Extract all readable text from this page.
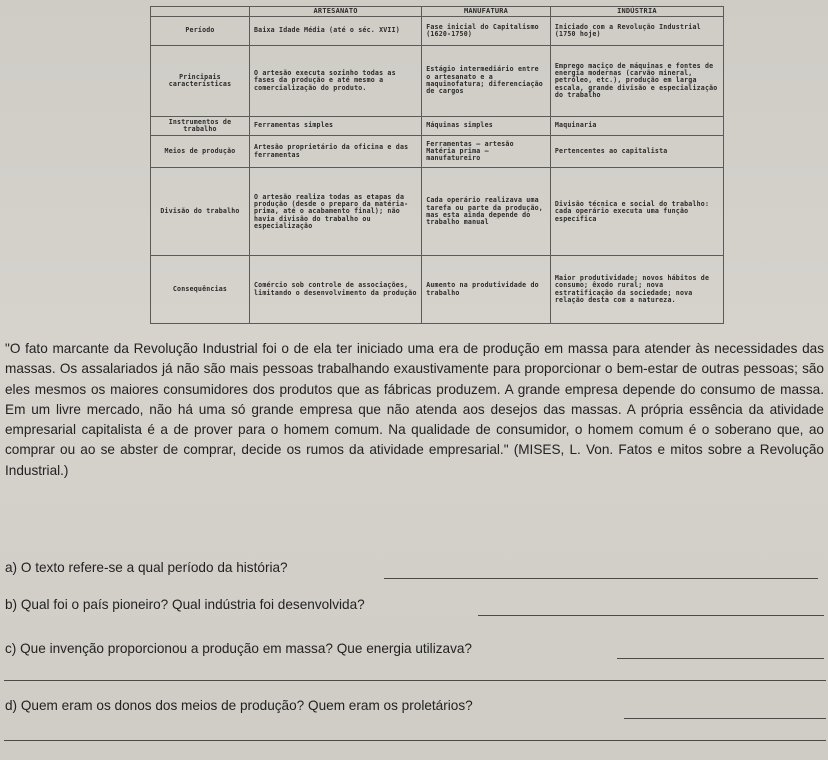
	ARTESANATO	MANUFATURA	INDÚSTRIA
Período	Baixa Idade Média (até o séc. XVII)	Fase inicial do Capitalismo (1620-1750)	Iniciado com a Revolução Industrial (1750 hoje)
Principais características	O artesão executa sozinho todas as fases da produção e até mesmo a comercialização do produto.	Estágio intermediário entre o artesanato e a maquinofatura; diferenciação de cargos	Emprego maciço de máquinas e fontes de energia modernas (carvão mineral, petróleo, etc.), produção em larga escala, grande divisão e especialização do trabalho
Instrumentos de trabalho	Ferramentas simples	Máquinas simples	Maquinaria
Meios de produção	Artesão proprietário da oficina e das ferramentas	Ferramentas – artesão Matéria prima – manufatureiro	Pertencentes ao capitalista
Divisão do trabalho	O artesão realiza todas as etapas da produção (desde o preparo da matéria-prima, até o acabamento final); não havia divisão do trabalho ou especialização	Cada operário realizava uma tarefa ou parte da produção, mas esta ainda depende do trabalho manual	Divisão técnica e social do trabalho: cada operário executa uma função específica
Consequências	Comércio sob controle de associações, limitando o desenvolvimento da produção	Aumento na produtividade do trabalho	Maior produtividade; novos hábitos de consumo; êxodo rural; nova estratificação da sociedade; nova relação desta com a natureza.
"O fato marcante da Revolução Industrial foi o de ela ter iniciado uma era de produção em massa para atender às necessidades das massas. Os assalariados já não são mais pessoas trabalhando exaustivamente para proporcionar o bem-estar de outras pessoas; são eles mesmos os maiores consumidores dos produtos que as fábricas produzem. A grande empresa depende do consumo de massa. Em um livre mercado, não há uma só grande empresa que não atenda aos desejos das massas. A própria essência da atividade empresarial capitalista é a de prover para o homem comum. Na qualidade de consumidor, o homem comum é o soberano que, ao comprar ou ao se abster de comprar, decide os rumos da atividade empresarial." (MISES, L. Von. Fatos e mitos sobre a Revolução Industrial.)
a) O texto refere-se a qual período da história?
b) Qual foi o país pioneiro? Qual indústria foi desenvolvida?
c) Que invenção proporcionou a produção em massa? Que energia utilizava?
d) Quem eram os donos dos meios de produção? Quem eram os proletários?
